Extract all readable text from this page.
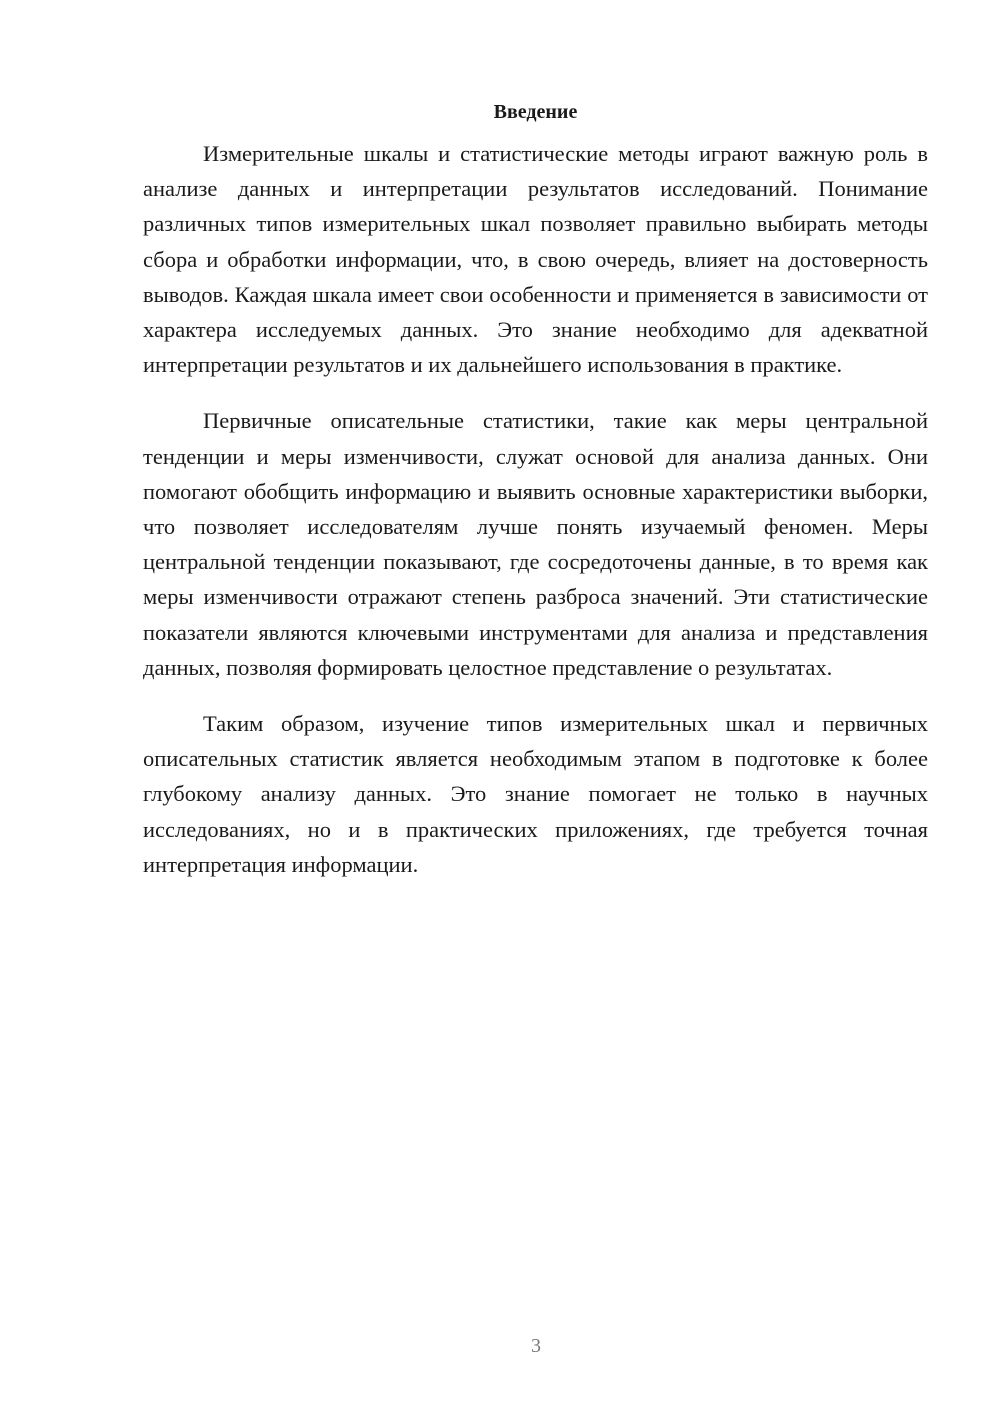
Введение

Измерительные шкалы и статистические методы играют важную роль в анализе данных и интерпретации результатов исследований. Понимание различных типов измерительных шкал позволяет правильно выбирать методы сбора и обработки информации, что, в свою очередь, влияет на достоверность выводов. Каждая шкала имеет свои особенности и применяется в зависимости от характера исследуемых данных. Это знание необходимо для адекватной интерпретации результатов и их дальнейшего использования в практике.

Первичные описательные статистики, такие как меры центральной тенденции и меры изменчивости, служат основой для анализа данных. Они помогают обобщить информацию и выявить основные характеристики выборки, что позволяет исследователям лучше понять изучаемый феномен. Меры центральной тенденции показывают, где сосредоточены данные, в то время как меры изменчивости отражают степень разброса значений. Эти статистические показатели являются ключевыми инструментами для анализа и представления данных, позволяя формировать целостное представление о результатах.

Таким образом, изучение типов измерительных шкал и первичных описательных статистик является необходимым этапом в подготовке к более глубокому анализу данных. Это знание помогает не только в научных исследованиях, но и в практических приложениях, где требуется точная интерпретация информации.

3
